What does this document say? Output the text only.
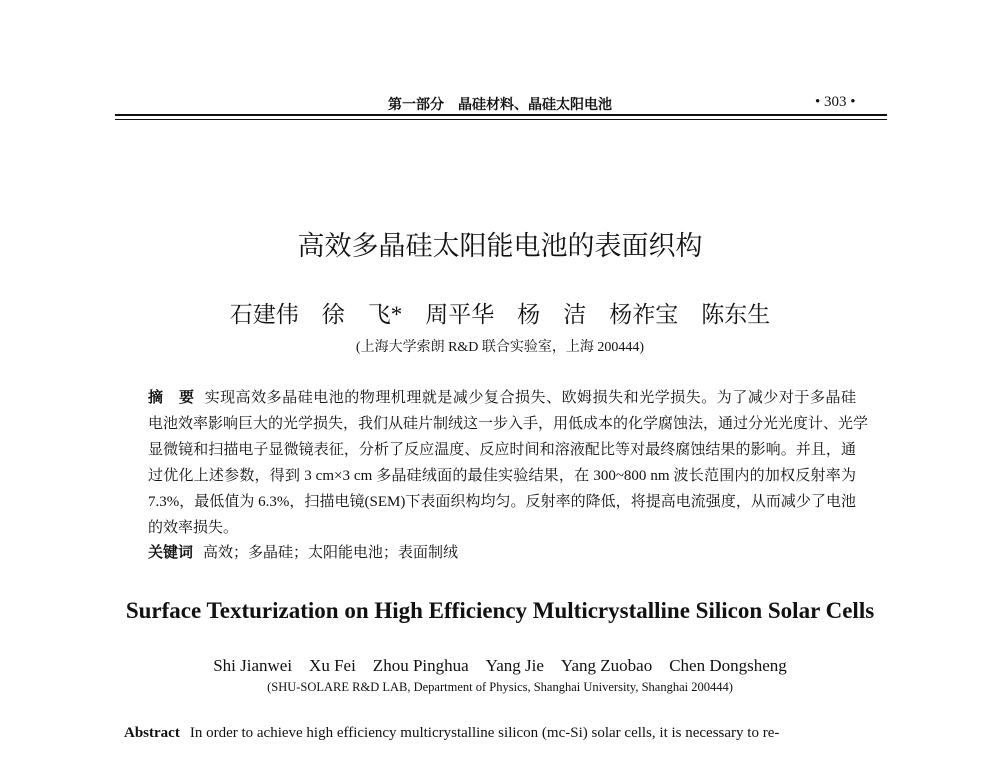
第一部分　晶硅材料、晶硅太阳电池	• 303 •
高效多晶硅太阳能电池的表面织构
石建伟　徐　飞*　周平华　杨　洁　杨祚宝　陈东生
(上海大学索朗 R&D 联合实验室，上海 200444)
摘　要 实现高效多晶硅电池的物理机理就是减少复合损失、欧姆损失和光学损失。为了减少对于多晶硅
电池效率影响巨大的光学损失，我们从硅片制绒这一步入手，用低成本的化学腐蚀法，通过分光光度计、光学
显微镜和扫描电子显微镜表征，分析了反应温度、反应时间和溶液配比等对最终腐蚀结果的影响。并且，通
过优化上述参数，得到 3 cm×3 cm 多晶硅绒面的最佳实验结果，在 300~800 nm 波长范围内的加权反射率为
7.3%，最低值为 6.3%，扫描电镜(SEM)下表面织构均匀。反射率的降低，将提高电流强度，从而减少了电池
的效率损失。
关键词 高效；多晶硅；太阳能电池；表面制绒
Surface Texturization on High Efficiency Multicrystalline Silicon Solar Cells
Shi Jianwei　Xu Fei　Zhou Pinghua　Yang Jie　Yang Zuobao　Chen Dongsheng
(SHU-SOLARE R&D LAB, Department of Physics, Shanghai University, Shanghai 200444)
Abstract In order to achieve high efficiency multicrystalline silicon (mc-Si) solar cells, it is necessary to re-
